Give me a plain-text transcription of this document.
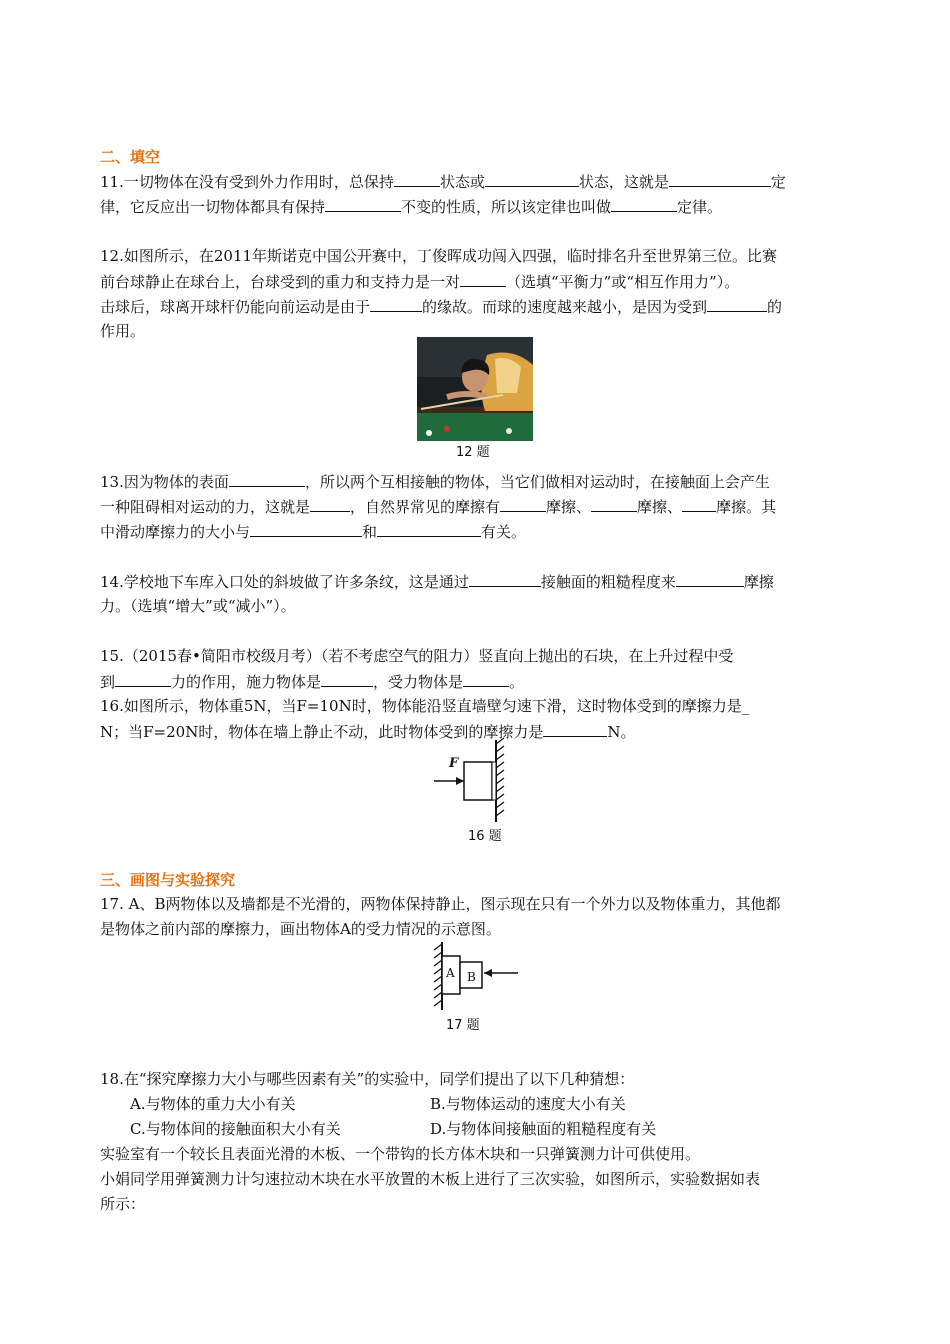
二、填空
11.一切物体在没有受到外力作用时，总保持	状态或	状态，这就是	定
律，它反应出一切物体都具有保持	不变的性质，所以该定律也叫做	定律。
12.如图所示，在2011年斯诺克中国公开赛中，丁俊晖成功闯入四强，临时排名升至世界第三位。比赛
前台球静止在球台上，台球受到的重力和支持力是一对	（选填“平衡力”或“相互作用力”）。
击球后，球离开球杆仍能向前运动是由于	的缘故。而球的速度越来越小，是因为受到	的
作用。
12 题
13.因为物体的表面	，所以两个互相接触的物体，当它们做相对运动时，在接触面上会产生
一种阻碍相对运动的力，这就是	，自然界常见的摩擦有	摩擦、	摩擦、 摩擦。其
中滑动摩擦力的大小与	和	有关。
14.学校地下车库入口处的斜坡做了许多条纹，这是通过	接触面的粗糙程度来	摩擦
力。（选填“增大”或“减小”）。
15.（2015春•简阳市校级月考）（若不考虑空气的阻力）竖直向上抛出的石块，在上升过程中受
到	力的作用，施力物体是	，受力物体是	。
16.如图所示，物体重5N，当F=10N时，物体能沿竖直墙壁匀速下滑，这时物体受到的摩擦力是_
N；当F=20N时，物体在墙上静止不动，此时物体受到的摩擦力是	N。
F
16 题
三、画图与实验探究
17. A、B两物体以及墙都是不光滑的，两物体保持静止，图示现在只有一个外力以及物体重力，其他都
是物体之前内部的摩擦力，画出物体A的受力情况的示意图。
A B
17 题
18.在“探究摩擦力大小与哪些因素有关”的实验中，同学们提出了以下几种猜想：
A.与物体的重力大小有关	B.与物体运动的速度大小有关
C.与物体间的接触面积大小有关	D.与物体间接触面的粗糙程度有关
实验室有一个较长且表面光滑的木板、一个带钩的长方体木块和一只弹簧测力计可供使用。
小娟同学用弹簧测力计匀速拉动木块在水平放置的木板上进行了三次实验，如图所示，实验数据如表
所示：
